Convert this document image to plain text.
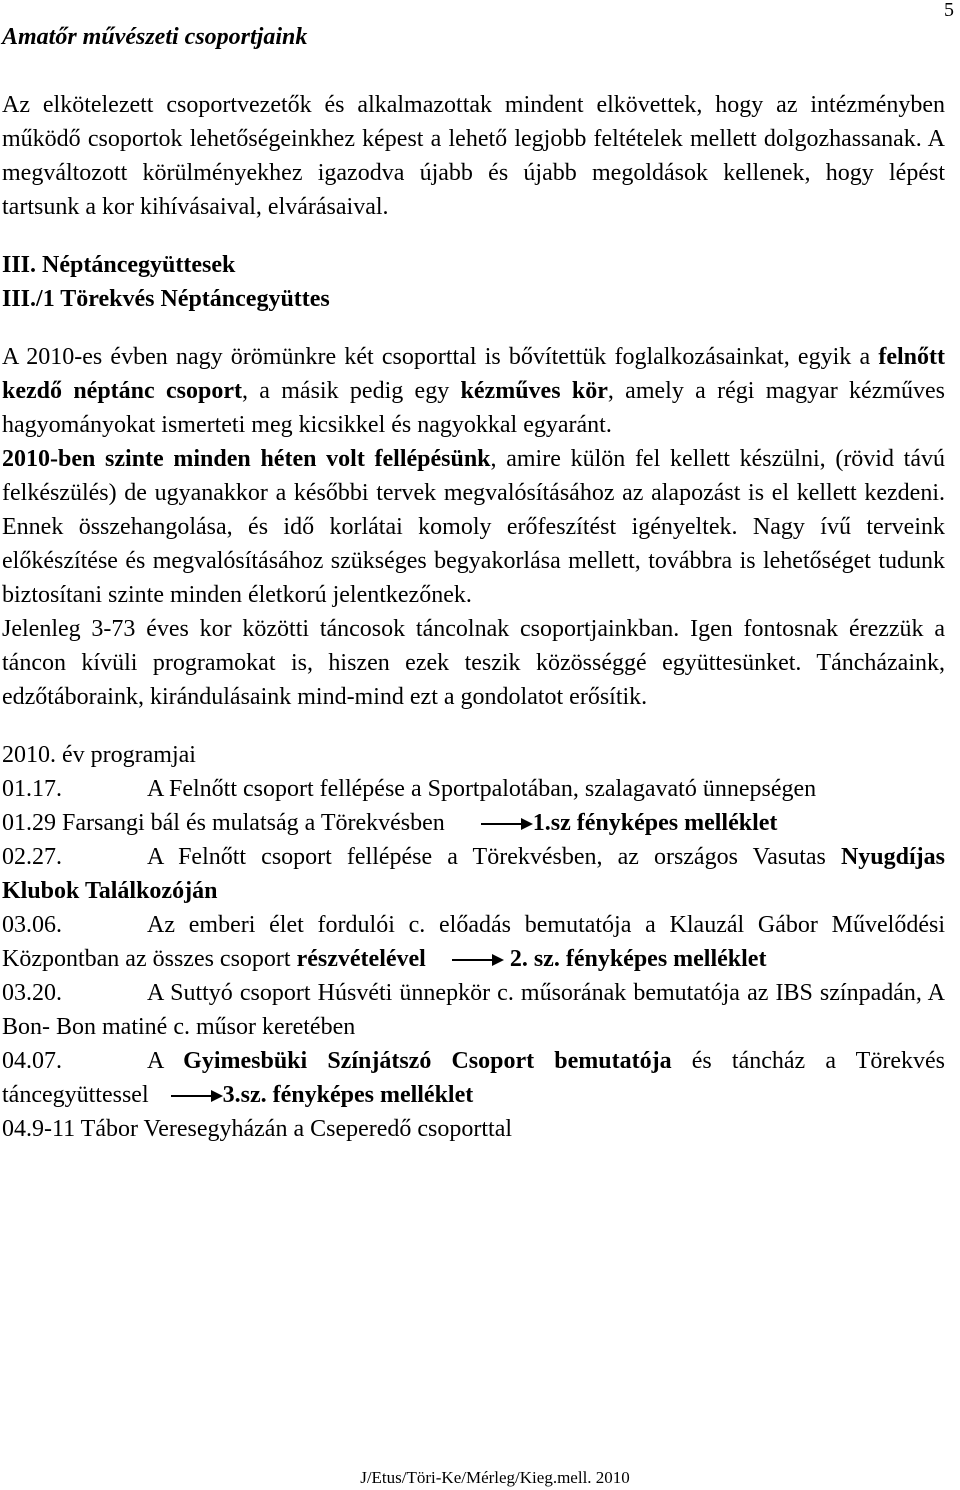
5
Amatőr művészeti csoportjaink

Az elkötelezett csoportvezetők és alkalmazottak mindent elkövettek, hogy az intézményben működő csoportok lehetőségeinkhez képest a lehető legjobb feltételek mellett dolgozhassanak. A megváltozott körülményekhez igazodva újabb és újabb megoldások kellenek, hogy lépést tartsunk a kor kihívásaival, elvárásaival.

III. Néptáncegyüttesek

III./1 Törekvés Néptáncegyüttes

A 2010-es évben nagy örömünkre két csoporttal is bővítettük foglalkozásainkat, egyik a felnőtt kezdő néptánc csoport, a másik pedig egy kézműves kör, amely a régi magyar kézműves hagyományokat ismerteti meg kicsikkel és nagyokkal egyaránt.

2010-ben szinte minden héten volt fellépésünk, amire külön fel kellett készülni, (rövid távú felkészülés) de ugyanakkor a későbbi tervek megvalósításához az alapozást is el kellett kezdeni. Ennek összehangolása, és idő korlátai komoly erőfeszítést igényeltek. Nagy ívű terveink előkészítése és megvalósításához szükséges begyakorlása mellett, továbbra is lehetőséget tudunk biztosítani szinte minden életkorú jelentkezőnek.

Jelenleg 3-73 éves kor közötti táncosok táncolnak csoportjainkban. Igen fontosnak érezzük a táncon kívüli programokat is, hiszen ezek teszik közösséggé együttesünket. Táncházaink, edzőtáboraink, kirándulásaink mind-mind ezt a gondolatot erősítik.

2010. év programjai

01.17.	A Felnőtt csoport fellépése a Sportpalotában, szalagavató ünnepségen

01.29 Farsangi bál és mulatság a Törekvésben	1.sz fényképes melléklet

02.27.	A Felnőtt csoport fellépése a Törekvésben, az országos Vasutas Nyugdíjas Klubok Találkozóján

03.06.	Az emberi élet fordulói c. előadás bemutatója a Klauzál Gábor Művelődési Központban az összes csoport részvételével	2. sz. fényképes melléklet

03.20.	A Suttyó csoport Húsvéti ünnepkör c. műsorának bemutatója az IBS színpadán, A Bon- Bon matiné c. műsor keretében

04.07.	A Gyimesbüki Színjátszó Csoport bemutatója és táncház a Törekvés táncegyüttessel	3.sz. fényképes melléklet

04.9-11 Tábor Veresegyházán a Cseperedő csoporttal

J/Etus/Töri-Ke/Mérleg/Kieg.mell. 2010
